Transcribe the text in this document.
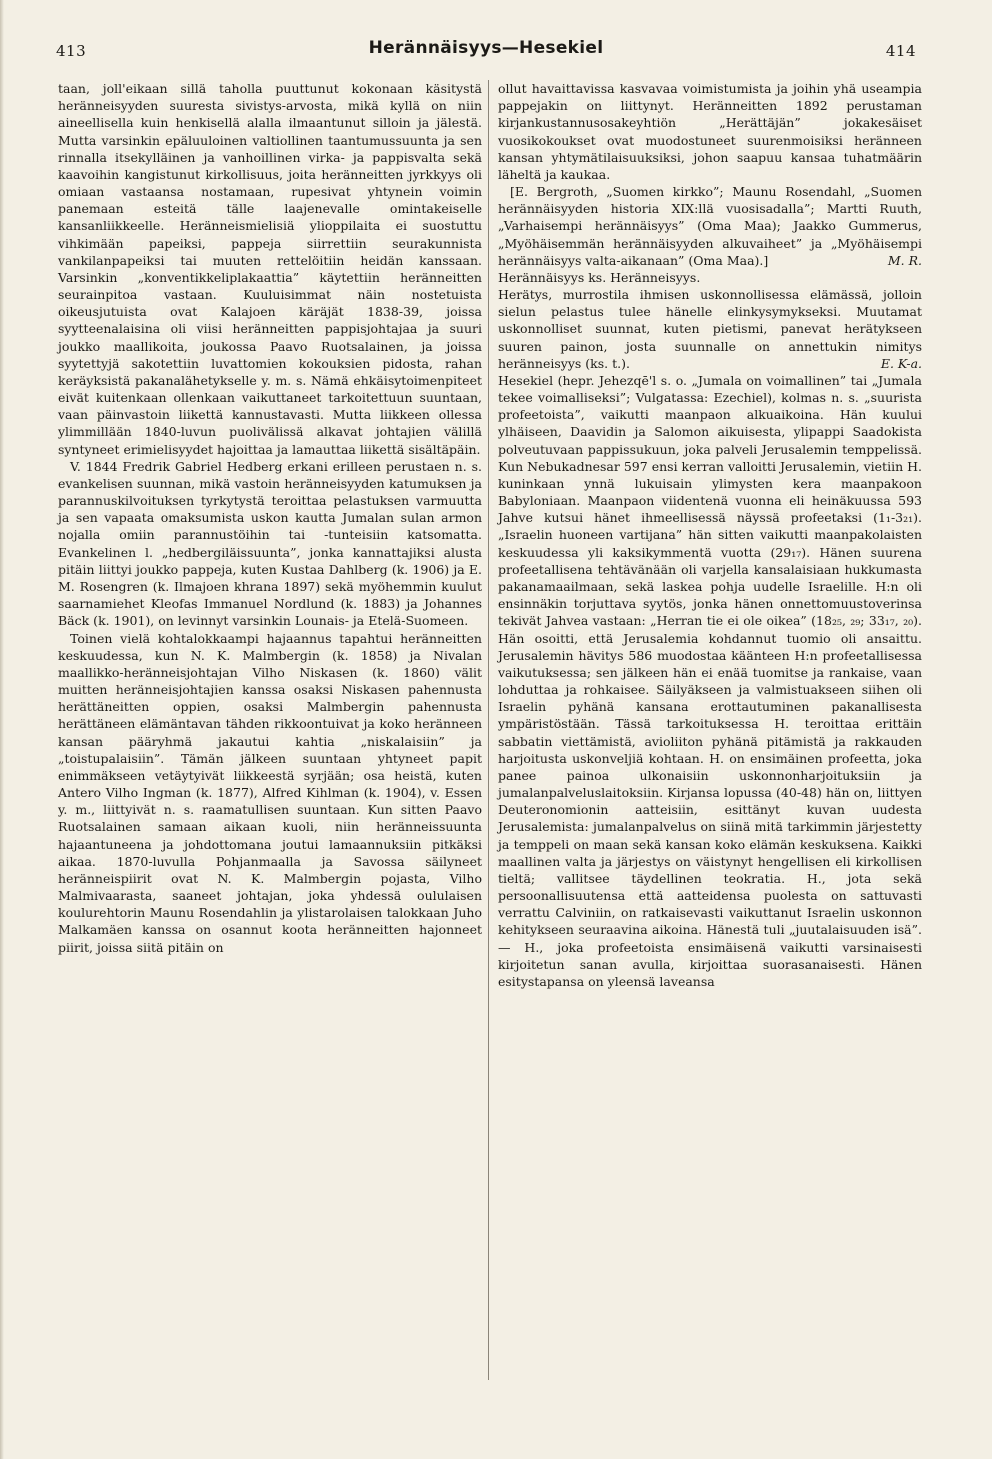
413	Herännäisyys—Hesekiel	414

taan, joll'eikaan sillä taholla puuttunut kokonaan käsitystä heränneisyyden suuresta sivistys-arvosta, mikä kyllä on niin aineellisella kuin henkisellä alalla ilmaantunut silloin ja jälestä. Mutta varsinkin epäluuloinen valtiollinen taantumussuunta ja sen rinnalla itsekylläinen ja vanhoillinen virka- ja pappisvalta sekä kaavoihin kangistunut kirkollisuus, joita heränneitten jyrkkyys oli omiaan vastaansa nostamaan, rupesivat yhtynein voimin panemaan esteitä tälle laajenevalle omintakeiselle kansanliikkeelle. Heränneismielisiä ylioppilaita ei suostuttu vihkimään papeiksi, pappeja siirrettiin seurakunnista vankilanpapeiksi tai muuten rettelöitiin heidän kanssaan. Varsinkin „konventikkeliplakaattia” käytettiin heränneitten seurainpitoa vastaan. Kuuluisimmat näin nostetuista oikeusjutuista ovat Kalajoen käräjät 1838-39, joissa syytteenalaisina oli viisi heränneitten pappisjohtajaa ja suuri joukko maallikoita, joukossa Paavo Ruotsalainen, ja joissa syytettyjä sakotettiin luvattomien kokouksien pidosta, rahan keräyksistä pakanalähetykselle y. m. s. Nämä ehkäisytoimenpiteet eivät kuitenkaan ollenkaan vaikuttaneet tarkoitettuun suuntaan, vaan päinvastoin liikettä kannustavasti. Mutta liikkeen ollessa ylimmillään 1840-luvun puolivälissä alkavat johtajien välillä syntyneet erimielisyydet hajoittaa ja lamauttaa liikettä sisältäpäin.

V. 1844 Fredrik Gabriel Hedberg erkani erilleen perustaen n. s. evankelisen suunnan, mikä vastoin heränneisyyden katumuksen ja parannuskilvoituksen tyrkytystä teroittaa pelastuksen varmuutta ja sen vapaata omaksumista uskon kautta Jumalan sulan armon nojalla omiin parannustöihin tai -tunteisiin katsomatta. Evankelinen l. „hedbergiläissuunta”, jonka kannattajiksi alusta pitäin liittyi joukko pappeja, kuten Kustaa Dahlberg (k. 1906) ja E. M. Rosengren (k. Ilmajoen khrana 1897) sekä myöhemmin kuulut saarnamiehet Kleofas Immanuel Nordlund (k. 1883) ja Johannes Bäck (k. 1901), on levinnyt varsinkin Lounais- ja Etelä-Suomeen.

Toinen vielä kohtalokkaampi hajaannus tapahtui heränneitten keskuudessa, kun N. K. Malmbergin (k. 1858) ja Nivalan maallikko-heränneisjohtajan Vilho Niskasen (k. 1860) välit muitten heränneisjohtajien kanssa osaksi Niskasen pahennusta herättäneitten oppien, osaksi Malmbergin pahennusta herättäneen elämäntavan tähden rikkoontuivat ja koko heränneen kansan pääryhmä jakautui kahtia „niskalaisiin” ja „toistupalaisiin”. Tämän jälkeen suuntaan yhtyneet papit enimmäkseen vetäytyivät liikkeestä syrjään; osa heistä, kuten Antero Vilho Ingman (k. 1877), Alfred Kihlman (k. 1904), v. Essen y. m., liittyivät n. s. raamatullisen suuntaan. Kun sitten Paavo Ruotsalainen samaan aikaan kuoli, niin heränneissuunta hajaantuneena ja johdottomana joutui lamaannuksiin pitkäksi aikaa. 1870-luvulla Pohjanmaalla ja Savossa säilyneet heränneispiirit ovat N. K. Malmbergin pojasta, Vilho Malmivaarasta, saaneet johtajan, joka yhdessä oululaisen koulurehtorin Maunu Rosendahlin ja ylistarolaisen talokkaan Juho Malkamäen kanssa on osannut koota heränneitten hajonneet piirit, joissa siitä pitäin on

ollut havaittavissa kasvavaa voimistumista ja joihin yhä useampia pappejakin on liittynyt. Heränneitten 1892 perustaman kirjankustannusosakeyhtiön „Herättäjän” jokakesäiset vuosikokoukset ovat muodostuneet suurenmoisiksi heränneen kansan yhtymätilaisuuksiksi, johon saapuu kansaa tuhatmäärin läheltä ja kaukaa.

[E. Bergroth, „Suomen kirkko”; Maunu Rosendahl, „Suomen herännäisyyden historia XIX:llä vuosisadalla”; Martti Ruuth, „Varhaisempi herännäisyys” (Oma Maa); Jaakko Gummerus, „Myöhäisemmän herännäisyyden alkuvaiheet” ja „Myöhäisempi herännäisyys valta-aikanaan” (Oma Maa).]	M. R.

Herännäisyys ks. Heränneisyys.

Herätys, murrostila ihmisen uskonnollisessa elämässä, jolloin sielun pelastus tulee hänelle elinkysymykseksi. Muutamat uskonnolliset suunnat, kuten pietismi, panevat herätykseen suuren painon, josta suunnalle on annettukin nimitys heränneisyys (ks. t.).	E. K-a.

Hesekiel (hepr. Jehezqē'l s. o. „Jumala on voimallinen” tai „Jumala tekee voimalliseksi”; Vulgatassa: Ezechiel), kolmas n. s. „suurista profeetoista”, vaikutti maanpaon alkuaikoina. Hän kuului ylhäiseen, Daavidin ja Salomon aikuisesta, ylipappi Saadokista polveutuvaan pappissukuun, joka palveli Jerusalemin temppelissä. Kun Nebukadnesar 597 ensi kerran valloitti Jerusalemin, vietiin H. kuninkaan ynnä lukuisain ylimysten kera maanpakoon Babyloniaan. Maanpaon viidentenä vuonna eli heinäkuussa 593 Jahve kutsui hänet ihmeellisessä näyssä profeetaksi (1₁-3₂₁). „Israelin huoneen vartijana” hän sitten vaikutti maanpakolaisten keskuudessa yli kaksikymmentä vuotta (29₁₇). Hänen suurena profeetallisena tehtävänään oli varjella kansalaisiaan hukkumasta pakanamaailmaan, sekä laskea pohja uudelle Israelille. H:n oli ensinnäkin torjuttava syytös, jonka hänen onnettomuustoverinsa tekivät Jahvea vastaan: „Herran tie ei ole oikea” (18₂₅, ₂₉; 33₁₇, ₂₀). Hän osoitti, että Jerusalemia kohdannut tuomio oli ansaittu. Jerusalemin hävitys 586 muodostaa käänteen H:n profeetallisessa vaikutuksessa; sen jälkeen hän ei enää tuomitse ja rankaise, vaan lohduttaa ja rohkaisee. Säilyäkseen ja valmistuakseen siihen oli Israelin pyhänä kansana erottautuminen pakanallisesta ympäristöstään. Tässä tarkoituksessa H. teroittaa erittäin sabbatin viettämistä, avioliiton pyhänä pitämistä ja rakkauden harjoitusta uskonveljiä kohtaan. H. on ensimäinen profeetta, joka panee painoa ulkonaisiin uskonnonharjoituksiin ja jumalanpalveluslaitoksiin. Kirjansa lopussa (40-48) hän on, liittyen Deuteronomionin aatteisiin, esittänyt kuvan uudesta Jerusalemista: jumalanpalvelus on siinä mitä tarkimmin järjestetty ja temppeli on maan sekä kansan koko elämän keskuksena. Kaikki maallinen valta ja järjestys on väistynyt hengellisen eli kirkollisen tieltä; vallitsee täydellinen teokratia. H., jota sekä persoonallisuutensa että aatteidensa puolesta on sattuvasti verrattu Calviniin, on ratkaisevasti vaikuttanut Israelin uskonnon kehitykseen seuraavina aikoina. Hänestä tuli „juutalaisuuden isä”. — H., joka profeetoista ensimäisenä vaikutti varsinaisesti kirjoitetun sanan avulla, kirjoittaa suorasanaisesti. Hänen esitystapansa on yleensä laveansa
